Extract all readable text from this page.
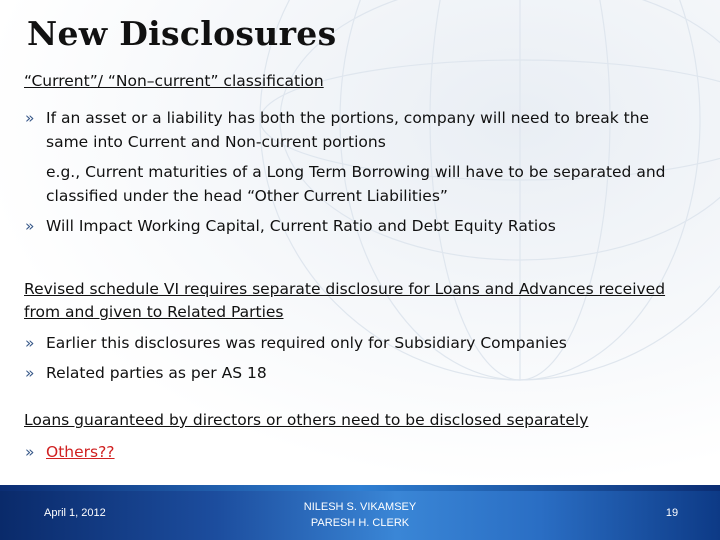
New Disclosures

“Current”/ “Non–current” classification

» If an asset or a liability has both the portions, company will need to break the same into Current and Non-current portions
e.g., Current maturities of a Long Term Borrowing will have to be separated and classified under the head “Other Current Liabilities”
» Will Impact Working Capital, Current Ratio and Debt Equity Ratios
Revised schedule VI requires separate disclosure for Loans and Advances received from and given to Related Parties
» Earlier this disclosures was required only for Subsidiary Companies
» Related parties as per AS 18
Loans guaranteed by directors or others need to be disclosed separately
» Others??
April 1, 2012	NILESH S. VIKAMSEY
PARESH H. CLERK
19
